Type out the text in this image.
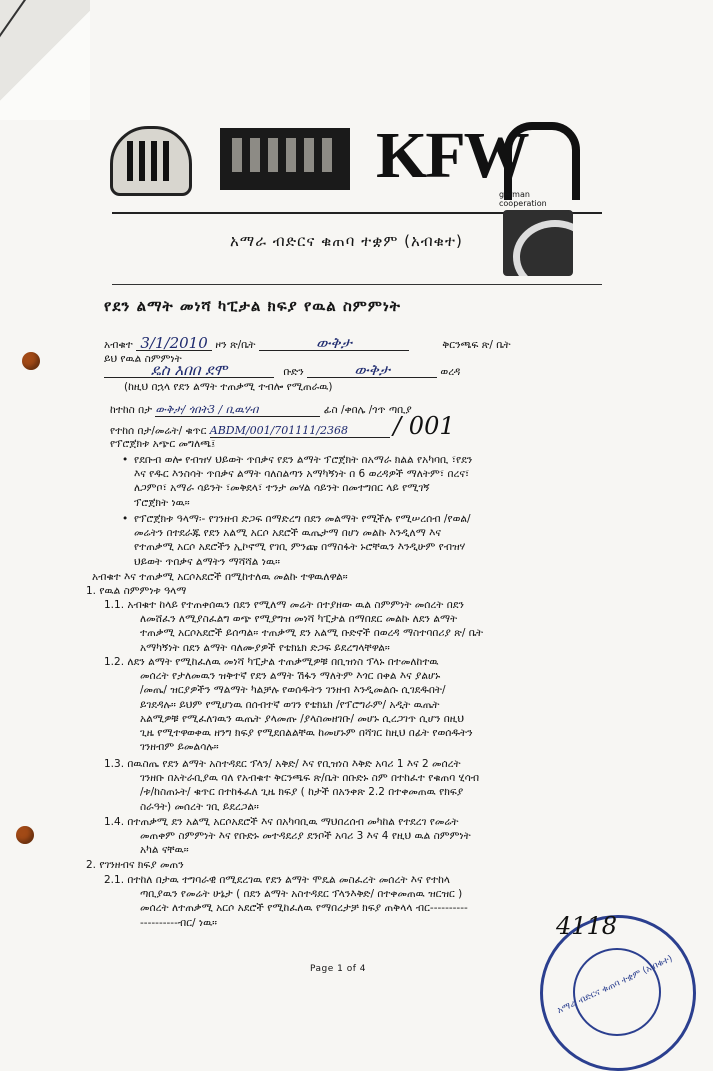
KFW
german cooperation
አማራ ብድርና ቁጠባ ተቋም (አብቁተ)
የደን ልማት መነሻ ካፒታል ክፍያ የዉል ስምምነት
አብቁተ 3/1/2010 ዞን ጽ/ቤት	ውቅታ	ቅርንጫፍ ጽ/ ቤት
ይህ የዉል ስምምነት
ዴስ እበበ ደሞ	ቡድን	ውቅታ	ወረዳ
(ከዚህ በኋላ የደን ልማት ተጠቃሚ ተብሎ የሚጠራዉ)
ከተከስ በታ ውቅታ/ ጎበት3 / ቢዉሃብ	ፊስ /ቀበሌ /ጎጥ ጣቢያ
የተከሰ በታ/መሬት/ ቁጥር ABDM/001/701111/2368 / 001
የፕሮጀክቱ አጭር መግለጫ፤
• የደቡብ ወሎ የብዝሃ ህይወት ጥበቃና የደን ልማት ፕሮጀክት በአማራ ክልል የአካባቢ ፣የደን
እና የዱር እንስሳት ጥበቃና ልማት ባለስልጣን አማካኝነት በ 6 ወረዳዎች ማለትም፣ በረና፣
ለጋምቦ፣ አማራ ሳይንት ፣መቅደላ፣ ተንታ መሃል ሳይንት በመተግበር ላይ የሚገኝ
ፕሮጀክት ነዉ።
• የፕሮጀክቱ ዓላማ፡- የገንዘብ ድጋፍ በማድረግ በደን መልማት የሚችሉ የሚሠረሰብ /የወል/
መሬትን በተደራጁ የደን አልሚ አርሶ አደሮች ዉጤታማ በሆነ መልኩ እንዲለማ እና
የተጠቃሚ አርሶ አደሮችን ኢኮኖሚ የገቢ ምንጩ በማስፋት ኑሮቸዉን እንዲሁም የብዝሃ
ህይወት ጥበቃና ልማትን ማሻሻል ነዉ።
አብቁተ እና ተጠቃሚ አርሶአደሮች በሚከተለዉ መልኩ ተዋዉለዋል።
1. የዉል ስምምነቱ ዓላማ
1.1. አብቁተ ከላይ የተጠቀሰዉን በደን የሚለማ መሬት በተያዘው ዉል ስምምነት መሰረት በደን
ለመሸፈን ለሚያስፈልግ ወጭ የሚያግዝ መነሻ ካፒታል በማበደር መልኩ ለደን ልማት
ተጠቃሚ አርሶአደሮች ይሰጣል። ተጠቃሚ ደን አልሚ ቡድኖች በወረዳ ማስተባበሪያ ጽ/ ቤት
አማካኝነት በደን ልማት ባለሙያዎች የቴክኒክ ድጋፍ ይደረግላቸዋል።
1.2. ለደን ልማት የሚከፈለዉ መነሻ ካፒታል ተጠቃሚዎቹ በቢዝነስ ፕላኑ በተመለከተዉ
መሰረት የታለመዉን ዝቅተኛ የደን ልማት ሽፋን ማለትም እጎር በቀል እና ያልሆኑ
/መጤ/ ዝርያዎችን ማልማት ካልቻሉ የወሰዱትን ገንዘብ እንዲመልሱ ሲገደዱበት/
ይገደዳሉ። ይህም የሚሆነዉ በሰብተኛ ወገን የቴክኒክ /የፕሮግራም/ አዲት ዉጤት
አልሚዎቹ የሚፈለገዉን ዉጤት ያላመጡ /ያላስመዘገቡ/ መሆኑ ሲረጋገጥ ሲሆን በዚህ
ጊዜ የሚተዋወቀዉ ዘንግ ክፍያ የሚደበልልቸዉ ከመሆኑም በሻገር ከዚህ በፊት የወሰዱትን
ገንዘብም ይመልሳሉ።
1.3. በዉስጤ የደን ልማት አስተዳደር ፕላን/ አቅድ/ እና የቢዝነስ እቅድ አባሪ 1 እና 2 መሰረት
ገንዘቡ በአትራቢያዉ ባለ የአብቁተ ቅርንጫፍ ጽ/ቤት በቡድኑ ስም በተከፈተ የቁጠባ ሂሳብ
/ቱ/ከስጠኑት/ ቁጥር በተከፋፈለ ጊዜ ክፍያ ( ከታች በአንቀጽ 2.2 በተቀመጠዉ የክፍያ
ስራዓት) መሰረት ገቢ ይደረጋል።
1.4. በተጠቃሚ ደን አልሚ አርሶአደሮች እና በአካባቢዉ ማህበረሰብ መካከል የተደረገ የመሬት
መጠቀም ስምምነት እና የቡድኑ መተዳደሪያ ደንቦች አባሪ 3 እና 4 የዚህ ዉል ስምምነት
አካል ናቸዉ።
2. የገንዘብና ክፍያ መጠን
2.1. በተከለ በታዉ ተግባራዊ በሚደረገዉ የደን ልማት ሞዴል መስፈረት መሰረት እና የተከላ
ጣቢያዉን የመሬት ሁኔታ ( በደን ልማት አስተዳደር ፕላንእቅድ/ በተቀመጠዉ ዝርዝር )
መሰረት ለተጠቃሚ አርሶ አደሮች የሚከፈለዉ የማበረታቻ ክፍያ ጠቅላላ ብር----------
----------ብር/ ነዉ።
አማራ ብድርና ቁጠባ ተቋም (አብቁተ)
4118
Page 1 of 4
